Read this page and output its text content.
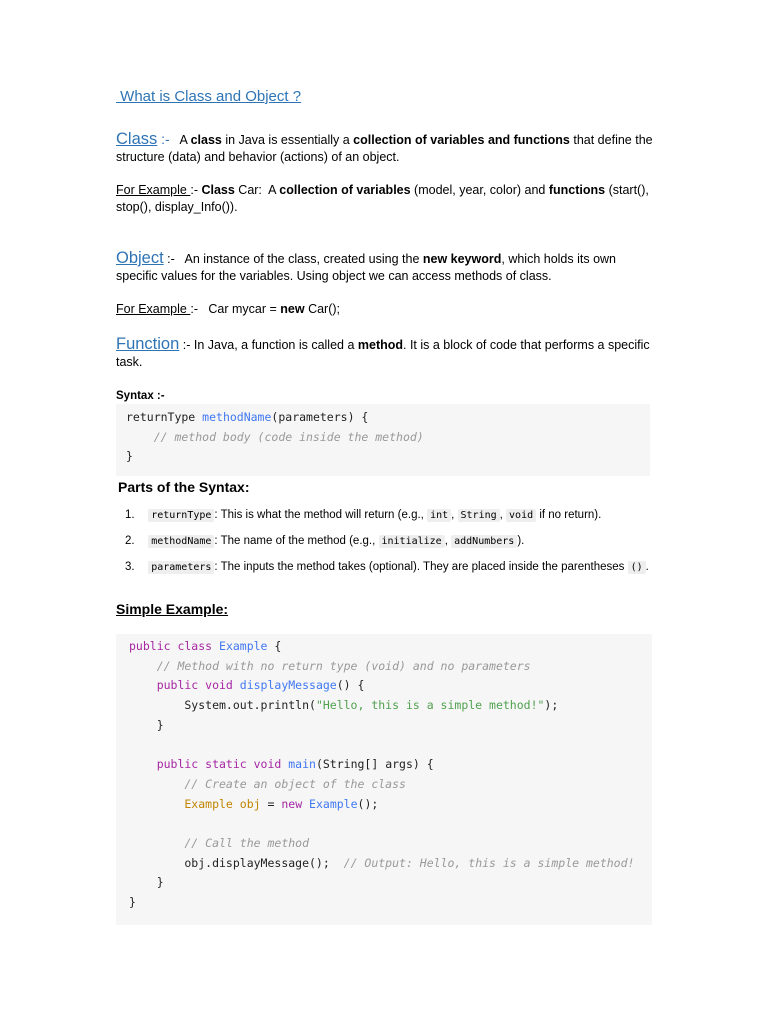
What is Class and Object ?
Class :- A class in Java is essentially a collection of variables and functions that define the structure (data) and behavior (actions) of an object.
For Example :- Class Car:  A collection of variables (model, year, color) and functions (start(), stop(), display_Info()).
Object :- An instance of the class, created using the new keyword, which holds its own specific values for the variables. Using object we can access methods of class.
For Example :- Car mycar = new Car();
Function :- In Java, a function is called a method. It is a block of code that performs a specific task.
Syntax :-
returnType methodName(parameters) {
// method body (code inside the method)
}
Parts of the Syntax:
1. returnType : This is what the method will return (e.g., int , String , void if no return).
2. methodName : The name of the method (e.g., initialize , addNumbers ).
3. parameters : The inputs the method takes (optional). They are placed inside the parentheses () .
Simple Example:
public class Example {
// Method with no return type (void) and no parameters
public void displayMessage() {
System.out.println("Hello, this is a simple method!");
}
public static void main(String[] args) {
// Create an object of the class
Example obj = new Example();
// Call the method
obj.displayMessage();  // Output: Hello, this is a simple method!
}
}
